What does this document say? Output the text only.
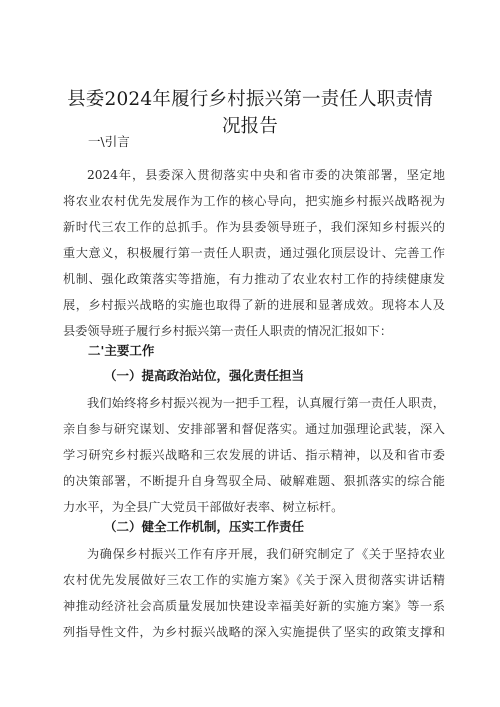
县委2024年履行乡村振兴第一责任人职责情
况报告
一\引言
2024年，县委深入贯彻落实中央和省市委的决策部署，坚定地
将农业农村优先发展作为工作的核心导向，把实施乡村振兴战略视为
新时代三农工作的总抓手。作为县委领导班子，我们深知乡村振兴的
重大意义，积极履行第一责任人职责，通过强化顶层设计、完善工作
机制、强化政策落实等措施，有力推动了农业农村工作的持续健康发
展，乡村振兴战略的实施也取得了新的进展和显著成效。现将本人及
县委领导班子履行乡村振兴第一责任人职责的情况汇报如下：
二'主要工作
（一）提高政治站位，强化责任担当
我们始终将乡村振兴视为一把手工程，认真履行第一责任人职责，
亲自参与研究谋划、安排部署和督促落实。通过加强理论武装，深入
学习研究乡村振兴战略和三农发展的讲话、指示精神，以及和省市委
的决策部署，不断提升自身驾驭全局、破解难题、狠抓落实的综合能
力水平，为全县广大党员干部做好表率、树立标杆。
（二）健全工作机制，压实工作责任
为确保乡村振兴工作有序开展，我们研究制定了《关于坚持农业
农村优先发展做好三农工作的实施方案》《关于深入贯彻落实讲话精
神推动经济社会高质量发展加快建设幸福美好新的实施方案》等一系
列指导性文件，为乡村振兴战略的深入实施提供了坚实的政策支撑和
